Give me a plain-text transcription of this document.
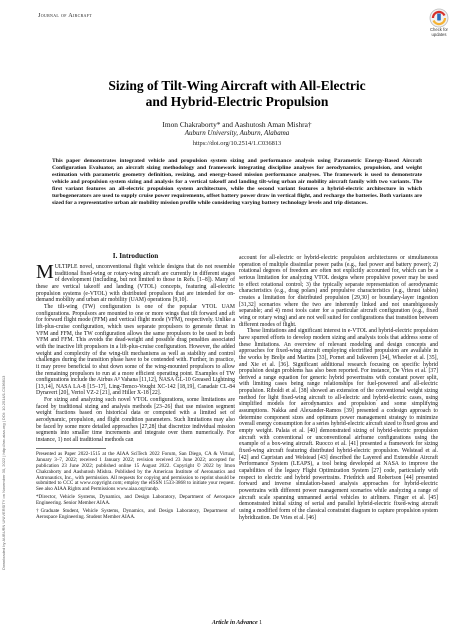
Journal of Aircraft
Check for
updates
Downloaded by AUBURN UNIVERSITY on November 30, 2022 | http://arc.aiaa.org | DOI: 10.2514/1.C036813
Sizing of Tilt-Wing Aircraft with All-Electric
and Hybrid-Electric Propulsion
Imon Chakraborty* and Aashutosh Aman Mishra†
Auburn University, Auburn, Alabama
https://doi.org/10.2514/1.C036813
This paper demonstrates integrated vehicle and propulsion system sizing and performance analysis using Parametric Energy-Based Aircraft Configuration Evaluator, an aircraft sizing methodology and framework integrating discipline analyses for aerodynamics, propulsion, and weight estimation with parametric geometry definition, resizing, and energy-based mission performance analyses. The framework is used to demonstrate vehicle and propulsion system sizing and analysis for a vertical takeoff and landing tilt-wing urban air mobility aircraft family with two variants. The first variant features an all-electric propulsion system architecture, while the second variant features a hybrid-electric architecture in which turbogenerators are used to supply cruise power requirements, offset battery power draw in vertical flight, and recharge the batteries. Both variants are sized for a representative urban air mobility mission profile while considering varying battery technology levels and trip distances.
I. Introduction

MULTIPLE novel, unconventional flight vehicle designs that do not resemble traditional fixed-wing or rotary-wing aircraft are currently in different stages of development (including, but not limited to those in Refs. [1–8]). Many of these are vertical takeoff and landing (VTOL) concepts, featuring all-electric propulsion systems (e-VTOL) with distributed propulsors that are intended for on-demand mobility and urban air mobility (UAM) operations [9,10].

The tilt-wing (TW) configuration is one of the popular VTOL UAM configurations. Propulsors are mounted to one or more wings that tilt forward and aft for forward flight mode (FFM) and vertical flight mode (VFM), respectively. Unlike a lift-plus-cruise configuration, which uses separate propulsors to generate thrust in VFM and FFM, the TW configuration allows the same propulsors to be used in both VFM and FFM. This avoids the dead-weight and possible drag penalties associated with the inactive lift propulsors in a lift-plus-cruise configuration. However, the added weight and complexity of the wing-tilt mechanisms as well as stability and control challenges during the transition phase have to be contended with. Further, in practice, it may prove beneficial to shut down some of the wing-mounted propulsors to allow the remaining propulsors to run at a more efficient operating point. Examples of TW configurations include the Airbus A³ Vahana [11,12], NASA GL-10 Greased Lightning [13,14], NASA LA-8 [15–17], Ling-Temco-Vought XC-142 [18,19], Canadair CL-84 Dynavert [20], Vertol VZ-2 [21], and Hiller X-18 [22].

For sizing and analyzing such novel VTOL configurations, some limitations are faced by traditional sizing and analysis methods [23–26] that use mission segment weight fractions based on historical data or computed with a limited set of aerodynamic, propulsion, and flight condition parameters. Such limitations may also be faced by some more detailed approaches [27,28] that discretize individual mission segments into smaller time increments and integrate over them numerically. For instance, 1) not all traditional methods can

Presented as Paper 2022-1515 at the AIAA SciTech 2022 Forum, San Diego, CA & Virtual, January 3–7, 2022; received 1 January 2022; revision received 23 June 2022; accepted for publication 23 June 2022; published online 15 August 2022. Copyright © 2022 by Imon Chakraborty and Aashutosh Mishra. Published by the American Institute of Aeronautics and Astronautics, Inc., with permission. All requests for copying and permission to reprint should be submitted to CCC at www.copyright.com; employ the eISSN 1533-3868 to initiate your request. See also AIAA Rights and Permissions www.aiaa.org/randp.

*Director, Vehicle Systems, Dynamics, and Design Laboratory, Department of Aerospace Engineering. Senior Member AIAA.

†Graduate Student, Vehicle Systems, Dynamics, and Design Laboratory, Department of Aerospace Engineering. Student Member AIAA.

account for all-electric or hybrid-electric propulsion architectures or simultaneous operation of multiple dissimilar power paths (e.g., fuel power and battery power); 2) rotational degrees of freedom are often not explicitly accounted for, which can be a serious limitation for analyzing VTOL designs where propulsive power may be used to effect rotational control; 3) the typically separate representation of aerodynamic characteristics (e.g., drag polars) and propulsive characteristics (e.g., thrust tables) creates a limitation for distributed propulsion [29,30] or boundary-layer ingestion [31,32] scenarios where the two are inherently linked and not unambiguously separable; and 4) most tools cater for a particular aircraft configuration (e.g., fixed wing or rotary wing) and are not well suited for configurations that transition between different modes of flight.

These limitations and significant interest in e-VTOL and hybrid-electric propulsion have spurred efforts to develop modern sizing and analysis tools that address some of these limitations. An overview of relevant modeling and design concepts and approaches for fixed-wing aircraft employing electrified propulsion are available in the works by Brelje and Martins [33], Pornet and Isikveren [34], Wheeler et al. [35], and Xie et al. [36]. Significant additional research focusing on specific hybrid propulsion design problems has also been reported. For instance, De Vries et al. [37] derived a range equation for generic hybrid powertrains with constant power split, with limiting cases being range relationships for fuel-powered and all-electric propulsion. Riboldi et al. [38] showed an extension of the conventional weight sizing method for light fixed-wing aircraft to all-electric and hybrid-electric cases, using simplified models for aerodynamics and propulsion and some simplifying assumptions. Nakka and Alexander-Ramos [39] presented a codesign approach to determine component sizes and optimum power management strategy to minimize overall energy consumption for a series hybrid-electric aircraft sized to fixed gross and empty weight. Palaia et al. [40] demonstrated sizing of hybrid-electric propulsion aircraft with conventional or unconventional airframe configurations using the example of a box-wing aircraft. Ruocco et al. [41] presented a framework for sizing fixed-wing aircraft featuring distributed hybrid-electric propulsion. Welstead et al. [42] and Capristan and Welstead [43] described the Layered and Extensible Aircraft Performance System (LEAPS), a tool being developed at NASA to improve the capabilities of the legacy Flight Optimization System [27] code, particularly with respect to electric and hybrid powertrains. Friedrich and Robertson [44] presented forward and inverse simulation-based analysis approaches for hybrid-electric powertrains with different power management scenarios while analyzing a range of aircraft scale spanning unmanned aerial vehicles to airliners. Finger et al. [45] demonstrated initial sizing of serial and parallel hybrid-electric fixed-wing aircraft using a modified form of the classical constraint diagram to capture propulsion system hybridization. De Vries et al. [46]

Article in Advance 1
